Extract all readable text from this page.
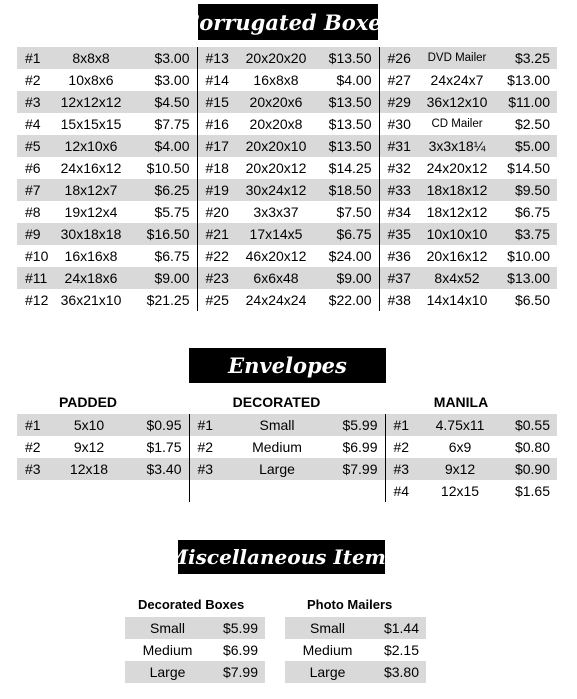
Corrugated Boxes
#1	8x8x8	$3.00	#13	20x20x20	$13.50	#26	DVD Mailer	$3.25
#2	10x8x6	$3.00	#14	16x8x8	$4.00	#27	24x24x7	$13.00
#3	12x12x12	$4.50	#15	20x20x6	$13.50	#29	36x12x10	$11.00
#4	15x15x15	$7.75	#16	20x20x8	$13.50	#30	CD Mailer	$2.50
#5	12x10x6	$4.00	#17	20x20x10	$13.50	#31	3x3x18¼	$5.00
#6	24x16x12	$10.50	#18	20x20x12	$14.25	#32	24x20x12	$14.50
#7	18x12x7	$6.25	#19	30x24x12	$18.50	#33	18x18x12	$9.50
#8	19x12x4	$5.75	#20	3x3x37	$7.50	#34	18x12x12	$6.75
#9	30x18x18	$16.50	#21	17x14x5	$6.75	#35	10x10x10	$3.75
#10	16x16x8	$6.75	#22	46x20x12	$24.00	#36	20x16x12	$10.00
#11	24x18x6	$9.00	#23	6x6x48	$9.00	#37	8x4x52	$13.00
#12	36x21x10	$21.25	#25	24x24x24	$22.00	#38	14x14x10	$6.50
Envelopes
PADDED	DECORATED	MANILA
#1	5x10	$0.95	#1	Small	$5.99	#1	4.75x11	$0.55
#2	9x12	$1.75	#2	Medium	$6.99	#2	6x9	$0.80
#3	12x18	$3.40	#3	Large	$7.99	#3	9x12	$0.90
						#4	12x15	$1.65
Miscellaneous Items
Decorated Boxes	Photo Mailers
Small	$5.99		Small	$1.44
Medium	$6.99		Medium	$2.15
Large	$7.99		Large	$3.80
